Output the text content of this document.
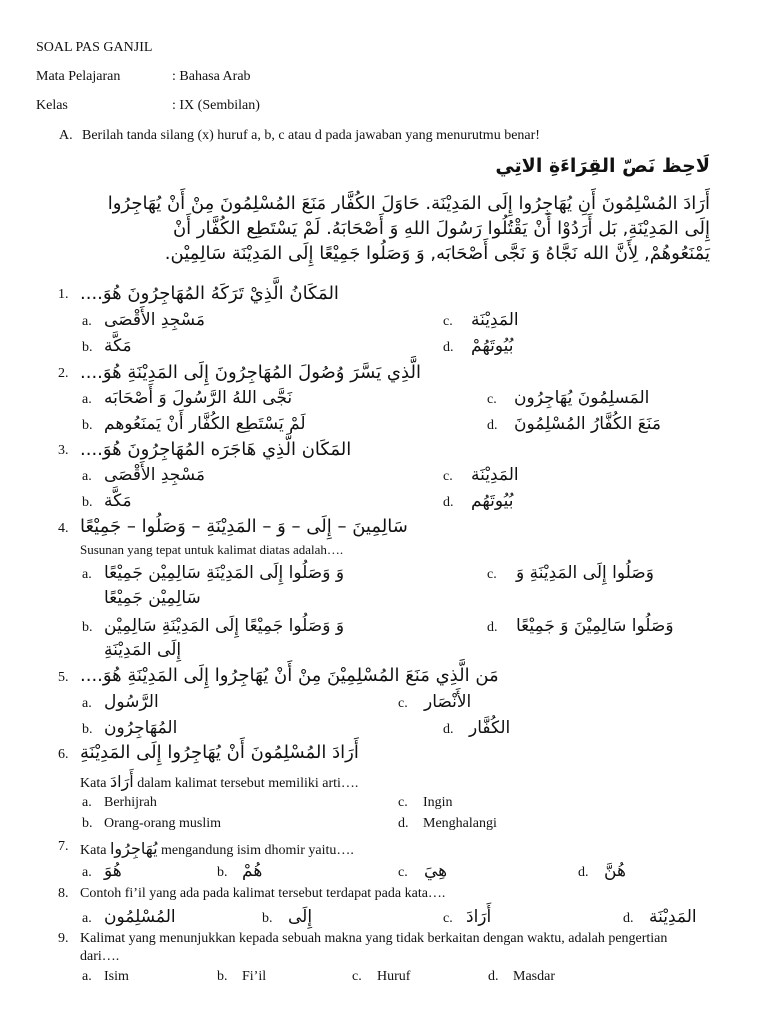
SOAL PAS GANJIL
Mata Pelajaran	: Bahasa Arab
Kelas	: IX (Sembilan)
A. Berilah tanda silang (x) huruf a, b, c atau d pada jawaban yang menurutmu benar!
لَاحِظ نَصّ القِرَاءَةِ الاتِي
أَرَادَ المُسْلِمُونَ أَنِ يُهَاجِرُوا إِلَى المَدِيْنَة. حَاوَلَ الكُفَّار مَنَعَ المُسْلِمُونَ مِنْ أَنْ يُهَاجِرُوا
إِلَى المَدِيْنَةِ, بَل أَرَدُوْا أَنْ يَقْتُلُوا رَسُولَ اللهِ وَ أَصْحَابَهُ. لَمْ يَسْتَطِع الكُفَّار أَنْ
يَمْنَعُوهُمْ, لِأَنَّ الله نَجَّاهُ وَ نَجَّى أَصْحَابَه, وَ وَصَلُوا جَمِيْعًا إِلَى المَدِيْنَة سَالِمِيْن.
1. المَكَانُ الَّذِيْ تَرَكَهُ المُهَاجِرُونَ هُوَ....
a. مَسْجِدِ الأَقْصَى	c. المَدِيْنَة
b. مَكَّة	d. بُيُوتَهُمْ
2. الَّذِي يَسَّرَ وُصُولَ المُهَاجِرُونَ إِلَى المَدِيْنَةِ هُوَ....
a. نَجَّى اللهُ الرَّسُولَ وَ أَصْحَابَه	c. المَسلِمُونَ يُهَاجِرُون
b. لَمْ يَسْتَطِع الكُفَّار أَنْ يَمنَعُوهم	d. مَنَعَ الكُفَّارُ المُسْلِمُونَ
3. المَكَان الَّذِي هَاجَرَه المُهَاجِرُونَ هُوَ....
a. مَسْجِدِ الأَقْصَى	c. المَدِيْنَة
b. مَكَّة	d. بُيُوتَهُم
4. سَالِمِينَ – إِلَى – وَ – المَدِيْنَةِ – وَصَلُوا – جَمِيْعًا
Susunan yang tepat untuk kalimat diatas adalah….
a. وَ وَصَلُوا إِلَى المَدِيْنَةِ سَالِمِيْن جَمِيْعًا
سَالِمِيْن جَمِيْعًا
c. وَصَلُوا إِلَى المَدِيْنَةِ وَ
b. وَ وَصَلُوا جَمِيْعًا إِلَى المَدِيْنَةِ سَالِمِيْن
إِلَى المَدِيْنَةِ
d. وَصَلُوا سَالِمِيْنَ وَ جَمِيْعًا
5. مَن الَّذِي مَنَعَ المُسْلِمِيْنَ مِنْ أَنْ يُهَاجِرُوا إِلَى المَدِيْنَةِ هُوَ....
a. الرَّسُول	c. الأَنْصَار
b. المُهَاجِرُون	d. الكُفَّار
6. أَرَادَ المُسْلِمُونَ أَنْ يُهَاجِرُوا إِلَى المَدِيْنَةِ
Kata أَرَادَ dalam kalimat tersebut memiliki arti….
a. Berhijrah	c. Ingin
b. Orang-orang muslim	d. Menghalangi
7. Kata يُهَاجِرُوا mengandung isim dhomir yaitu….
a. هُوَ	b. هُمْ	c. هِيَ	d. هُنَّ
8. Contoh fi’il yang ada pada kalimat tersebut terdapat pada kata….
a. المُسْلِمُون	b. إِلَى	c. أَرَادَ	d. المَدِيْنَة
9. Kalimat yang menunjukkan kepada sebuah makna yang tidak berkaitan dengan waktu, adalah pengertian
dari….
a. Isim	b. Fi’il	c. Huruf	d. Masdar
